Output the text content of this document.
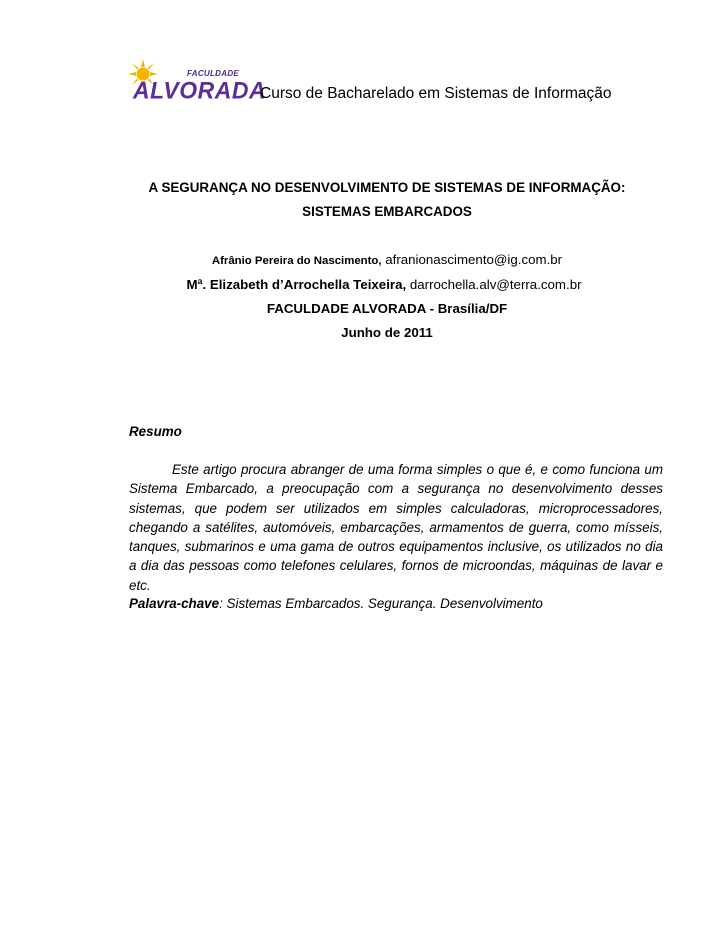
FACULDADE
ALVORADA
Curso de Bacharelado em Sistemas de Informação
A SEGURANÇA NO DESENVOLVIMENTO DE SISTEMAS DE INFORMAÇÃO:
SISTEMAS EMBARCADOS
Afrânio Pereira do Nascimento, afranionascimento@ig.com.br
Mª. Elizabeth d’Arrochella Teixeira, darrochella.alv@terra.com.br
FACULDADE ALVORADA - Brasília/DF
Junho de 2011
Resumo
Este artigo procura abranger de uma forma simples o que é, e como funciona um Sistema Embarcado, a preocupação com a segurança no desenvolvimento desses sistemas, que podem ser utilizados em simples calculadoras, microprocessadores, chegando a satélites, automóveis, embarcações, armamentos de guerra, como mísseis, tanques, submarinos e uma gama de outros equipamentos inclusive, os utilizados no dia a dia das pessoas como telefones celulares, fornos de microondas, máquinas de lavar e etc.
Palavra-chave: Sistemas Embarcados. Segurança. Desenvolvimento
